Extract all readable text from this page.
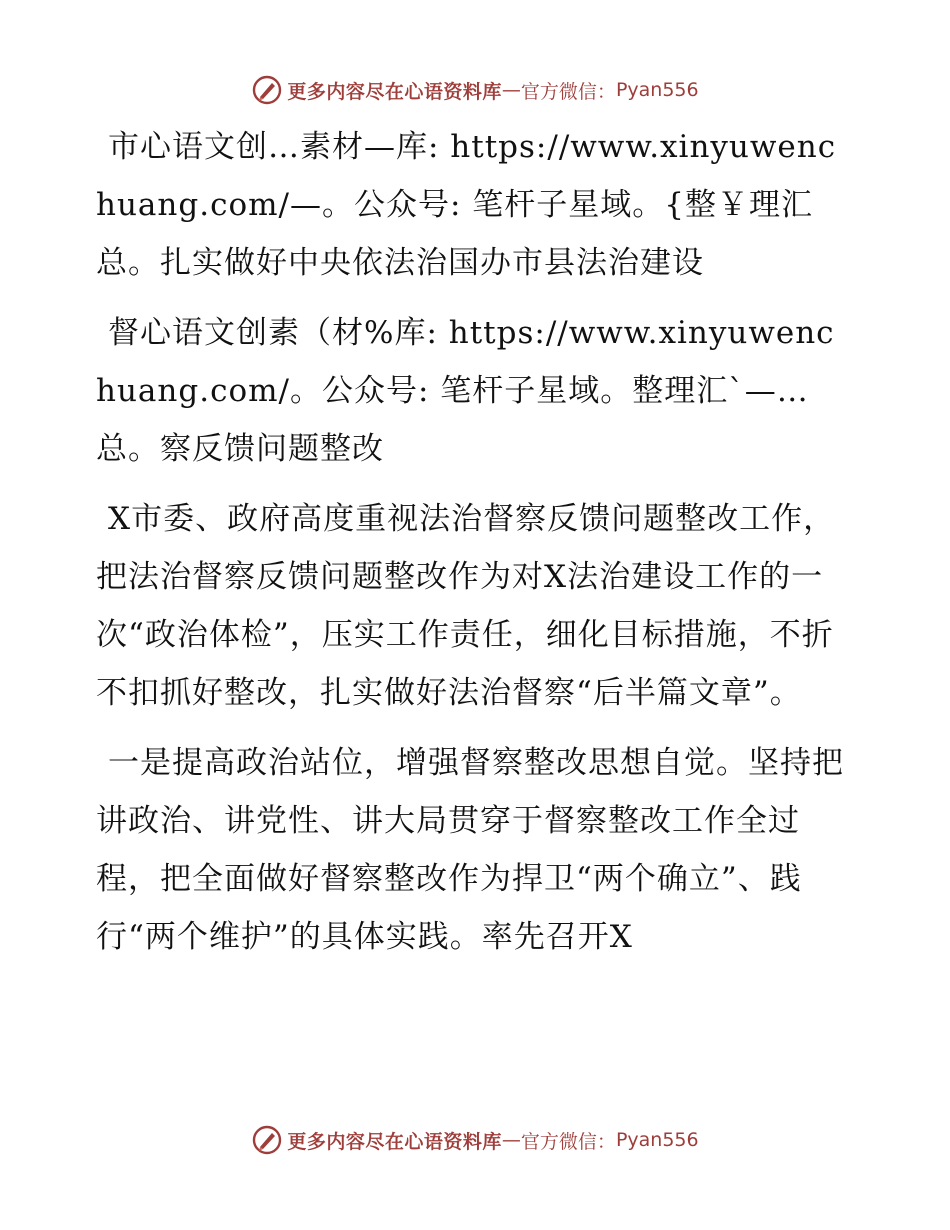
更多内容尽在心语资料库 — 官方微信： Pyan556

市心语文创…素材—库: https://www.xinyuwenchuang.com/—。公众号: 笔杆子星域。{整￥理汇总。扎实做好中央依法治国办市县法治建设

督心语文创素（材%库: https://www.xinyuwenchuang.com/。公众号: 笔杆子星域。整理汇`—…总。察反馈问题整改

X市委、政府高度重视法治督察反馈问题整改工作，把法治督察反馈问题整改作为对X法治建设工作的一次“政治体检”，压实工作责任，细化目标措施，不折不扣抓好整改，扎实做好法治督察“后半篇文章”。

一是提高政治站位，增强督察整改思想自觉。坚持把讲政治、讲党性、讲大局贯穿于督察整改工作全过程，把全面做好督察整改作为捍卫“两个确立”、践行“两个维护”的具体实践。率先召开X

更多内容尽在心语资料库 — 官方微信： Pyan556
